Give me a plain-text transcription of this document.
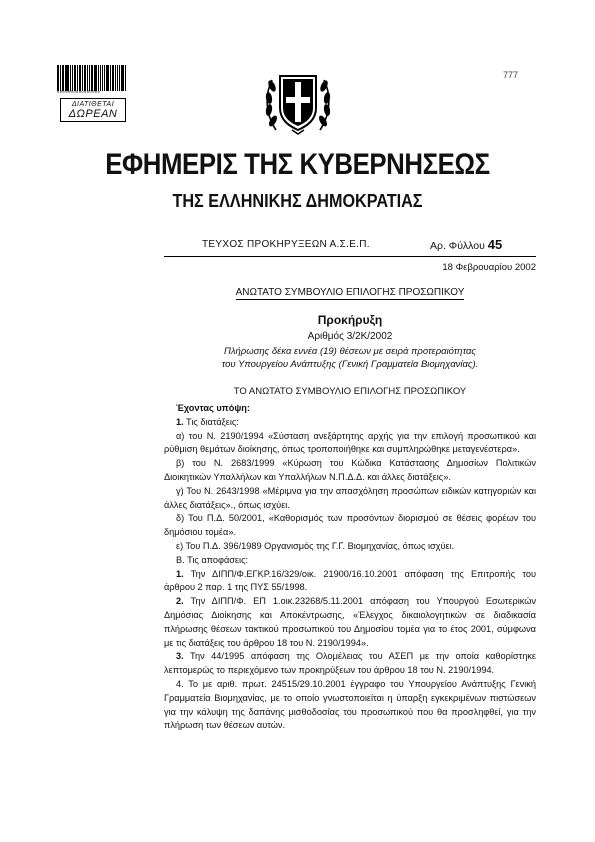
0000000000000000
ΔΙΑΤΙΘΕΤΑΙ
ΔΩΡΕΑΝ
777
ΕΦΗΜΕΡΙΣ ΤΗΣ ΚΥΒΕΡΝΗΣΕΩΣ
ΤΗΣ ΕΛΛΗΝΙΚΗΣ ΔΗΜΟΚΡΑΤΙΑΣ
ΤΕΥΧΟΣ ΠΡΟΚΗΡΥΞΕΩΝ Α.Σ.Ε.Π.	Αρ. Φύλλου 45
18 Φεβρουαρίου 2002
ΑΝΩΤΑΤΟ ΣΥΜΒΟΥΛΙΟ ΕΠΙΛΟΓΗΣ ΠΡΟΣΩΠΙΚΟΥ
Προκήρυξη
Αριθμός 3/2Κ/2002
Πλήρωσης δέκα εννέα (19) θέσεων με σειρά προτεραιότητας
του Υπουργείου Ανάπτυξης (Γενική Γραμματεία Βιομηχανίας).
ΤΟ ΑΝΩΤΑΤΟ ΣΥΜΒΟΥΛΙΟ ΕΠΙΛΟΓΗΣ ΠΡΟΣΩΠΙΚΟΥ

Έχοντας υπόψη:

1. Τις διατάξεις:

α) του Ν. 2190/1994 «Σύσταση ανεξάρτητης αρχής για την επιλογή προσωπικού και ρύθμιση θεμάτων διοίκησης, όπως τροποποιήθηκε και συμπληρώθηκε μεταγενέστερα».

β) του Ν. 2683/1999 «Κύρωση του Κώδικα Κατάστασης Δημοσίων Πολιτικών Διοικητικών Υπαλλήλων και Υπαλλήλων Ν.Π.Δ.Δ. και άλλες διατάξεις».

γ) Του Ν. 2643/1998 «Μέριμνα για την απασχόληση προσώπων ειδικών κατηγοριών και άλλες διατάξεις»., όπως ισχύει.

δ) Του Π.Δ. 50/2001, «Καθορισμός των προσόντων διορισμού σε θέσεις φορέων του δημόσιου τομέα».

ε) Του Π.Δ. 396/1989 Οργανισμός της Γ.Γ. Βιομηχανίας, όπως ισχύει.

Β. Τις αποφάσεις:

1. Την ΔΙΠΠ/Φ.ΕΓΚΡ.16/329/οικ. 21900/16.10.2001 απόφαση της Επιτροπής του άρθρου 2 παρ. 1 της ΠΥΣ 55/1998.

2. Την ΔΙΠΠ/Φ. ΕΠ 1.οικ.23268/5.11.2001 απόφαση του Υπουργού Εσωτερικών Δημόσιας Διοίκησης και Αποκέντρωσης, «Έλεγχος δικαιολογητικών σε διαδικασία πλήρωσης θέσεων τακτικού προσωπικού του Δημοσίου τομέα για το έτος 2001, σύμφωνα με τις διατάξεις του άρθρου 18 του Ν. 2190/1994».

3. Την 44/1995 απόφαση της Ολομέλειας του ΑΣΕΠ με την οποία καθορίστηκε λεπτομερώς το περιεχόμενο των προκηρύξεων του άρθρου 18 του Ν. 2190/1994.

4. Το με αριθ. πρωτ. 24515/29.10.2001 έγγραφο του Υπουργείου Ανάπτυξης Γενική Γραμματεία Βιομηχανίας, με το οποίο γνωστοποιείται η ύπαρξη εγκεκριμένων πιστώσεων για την κάλυψη της δαπάνης μισθοδοσίας του προσωπικού που θα προσληφθεί, για την πλήρωση των θέσεων αυτών.
